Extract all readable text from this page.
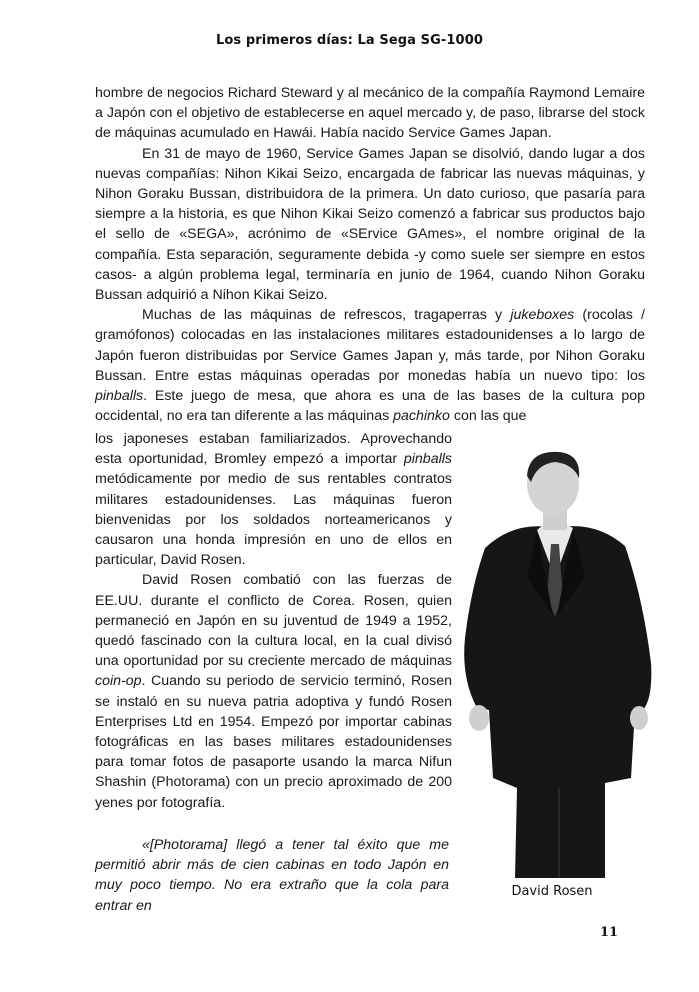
Los primeros días: La Sega SG-1000

hombre de negocios Richard Steward y al mecánico de la compañía Raymond Lemaire a Japón con el objetivo de establecerse en aquel mercado y, de paso, librarse del stock de máquinas acumulado en Hawái. Había nacido Service Games Japan.

En 31 de mayo de 1960, Service Games Japan se disolvió, dando lugar a dos nuevas compañías: Nihon Kikai Seizo, encargada de fabricar las nuevas máquinas, y Nihon Goraku Bussan, distribuidora de la primera. Un dato curioso, que pasaría para siempre a la historia, es que Nihon Kikai Seizo comenzó a fabricar sus productos bajo el sello de «SEGA», acrónimo de «SErvice GAmes», el nombre original de la compañía. Esta separación, seguramente debida -y como suele ser siempre en estos casos- a algún problema legal, terminaría en junio de 1964, cuando Nihon Goraku Bussan adquirió a Nihon Kikai Seizo.

Muchas de las máquinas de refrescos, tragaperras y jukeboxes (rocolas / gramófonos) colocadas en las instalaciones militares estadounidenses a lo largo de Japón fueron distribuidas por Service Games Japan y, más tarde, por Nihon Goraku Bussan. Entre estas máquinas operadas por monedas había un nuevo tipo: los pinballs. Este juego de mesa, que ahora es una de las bases de la cultura pop occidental, no era tan diferente a las máquinas pachinko con las que

los japoneses estaban familiarizados. Aprovechando esta oportunidad, Bromley empezó a importar pinballs metódicamente por medio de sus rentables contratos militares estadounidenses. Las máquinas fueron bienvenidas por los soldados norteamericanos y causaron una honda impresión en uno de ellos en particular, David Rosen.

David Rosen combatió con las fuerzas de EE.UU. durante el conflicto de Corea. Rosen, quien permaneció en Japón en su juventud de 1949 a 1952, quedó fascinado con la cultura local, en la cual divisó una oportunidad por su creciente mercado de máquinas coin-op. Cuando su periodo de servicio terminó, Rosen se instaló en su nueva patria adoptiva y fundó Rosen Enterprises Ltd en 1954. Empezó por importar cabinas fotográficas en las bases militares estadounidenses para tomar fotos de pasaporte usando la marca Nifun Shashin (Photorama) con un precio aproximado de 200 yenes por fotografía.

«[Photorama] llegó a tener tal éxito que me permitió abrir más de cien cabinas en todo Japón en muy poco tiempo. No era extraño que la cola para entrar en

David Rosen
11
